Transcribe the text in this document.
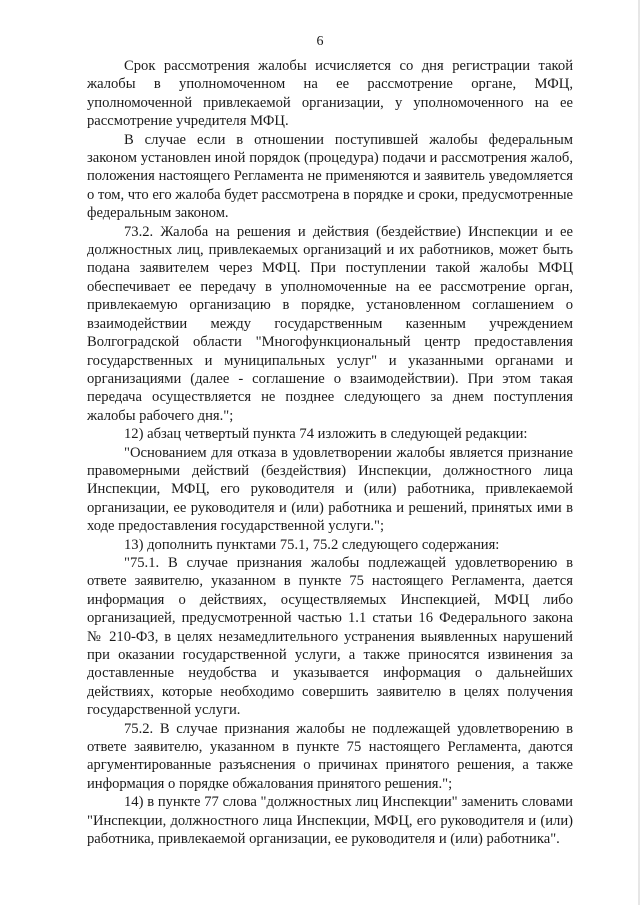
6

Срок рассмотрения жалобы исчисляется со дня регистрации такой жалобы в уполномоченном на ее рассмотрение органе, МФЦ, уполномоченной привлекаемой организации, у уполномоченного на ее рассмотрение учредителя МФЦ.

В случае если в отношении поступившей жалобы федеральным законом установлен иной порядок (процедура) подачи и рассмотрения жалоб, положения настоящего Регламента не применяются и заявитель уведомляется о том, что его жалоба будет рассмотрена в порядке и сроки, предусмотренные федеральным законом.

73.2. Жалоба на решения и действия (бездействие) Инспекции и ее должностных лиц, привлекаемых организаций и их работников, может быть подана заявителем через МФЦ. При поступлении такой жалобы МФЦ обеспечивает ее передачу в уполномоченные на ее рассмотрение орган, привлекаемую организацию в порядке, установленном соглашением о взаимодействии между государственным казенным учреждением Волгоградской области "Многофункциональный центр предоставления государственных и муниципальных услуг" и указанными органами и организациями (далее - соглашение о взаимодействии). При этом такая передача осуществляется не позднее следующего за днем поступления жалобы рабочего дня.";

12) абзац четвертый пункта 74 изложить в следующей редакции:

"Основанием для отказа в удовлетворении жалобы является признание правомерными действий (бездействия) Инспекции, должностного лица Инспекции, МФЦ, его руководителя и (или) работника, привлекаемой организации, ее руководителя и (или) работника и решений, принятых ими в ходе предоставления государственной услуги.";

13) дополнить пунктами 75.1, 75.2 следующего содержания:

"75.1. В случае признания жалобы подлежащей удовлетворению в ответе заявителю, указанном в пункте 75 настоящего Регламента, дается информация о действиях, осуществляемых Инспекцией, МФЦ либо организацией, предусмотренной частью 1.1 статьи 16 Федерального закона № 210-ФЗ, в целях незамедлительного устранения выявленных нарушений при оказании государственной услуги, а также приносятся извинения за доставленные неудобства и указывается информация о дальнейших действиях, которые необходимо совершить заявителю в целях получения государственной услуги.

75.2. В случае признания жалобы не подлежащей удовлетворению в ответе заявителю, указанном в пункте 75 настоящего Регламента, даются аргументированные разъяснения о причинах принятого решения, а также информация о порядке обжалования принятого решения.";

14) в пункте 77 слова "должностных лиц Инспекции" заменить словами "Инспекции, должностного лица Инспекции, МФЦ, его руководителя и (или) работника, привлекаемой организации, ее руководителя и (или) работника".
